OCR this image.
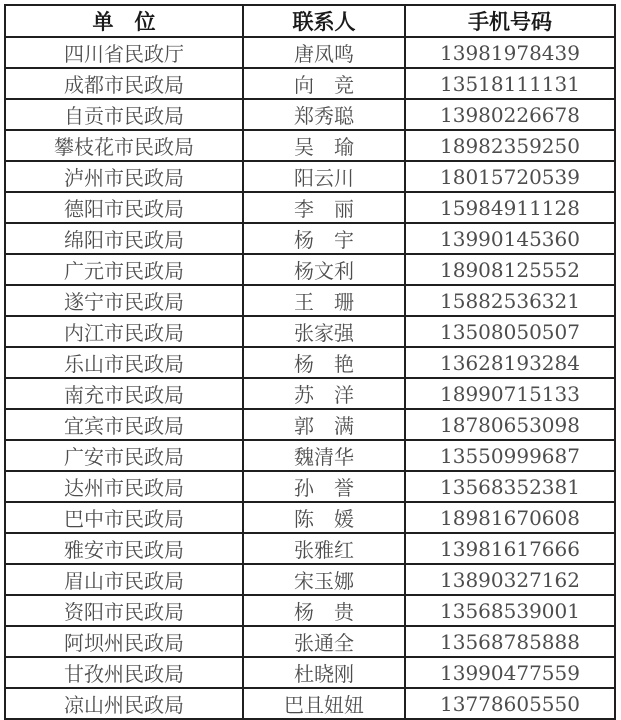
单　位	联系人	手机号码
四川省民政厅	唐凤鸣	13981978439
成都市民政局	向　竞	13518111131
自贡市民政局	郑秀聪	13980226678
攀枝花市民政局	吴　瑜	18982359250
泸州市民政局	阳云川	18015720539
德阳市民政局	李　丽	15984911128
绵阳市民政局	杨　宇	13990145360
广元市民政局	杨文利	18908125552
遂宁市民政局	王　珊	15882536321
内江市民政局	张家强	13508050507
乐山市民政局	杨　艳	13628193284
南充市民政局	苏　洋	18990715133
宜宾市民政局	郭　满	18780653098
广安市民政局	魏清华	13550999687
达州市民政局	孙　誉	13568352381
巴中市民政局	陈　媛	18981670608
雅安市民政局	张雅红	13981617666
眉山市民政局	宋玉娜	13890327162
资阳市民政局	杨　贵	13568539001
阿坝州民政局	张通全	13568785888
甘孜州民政局	杜晓刚	13990477559
凉山州民政局	巴且妞妞	13778605550
